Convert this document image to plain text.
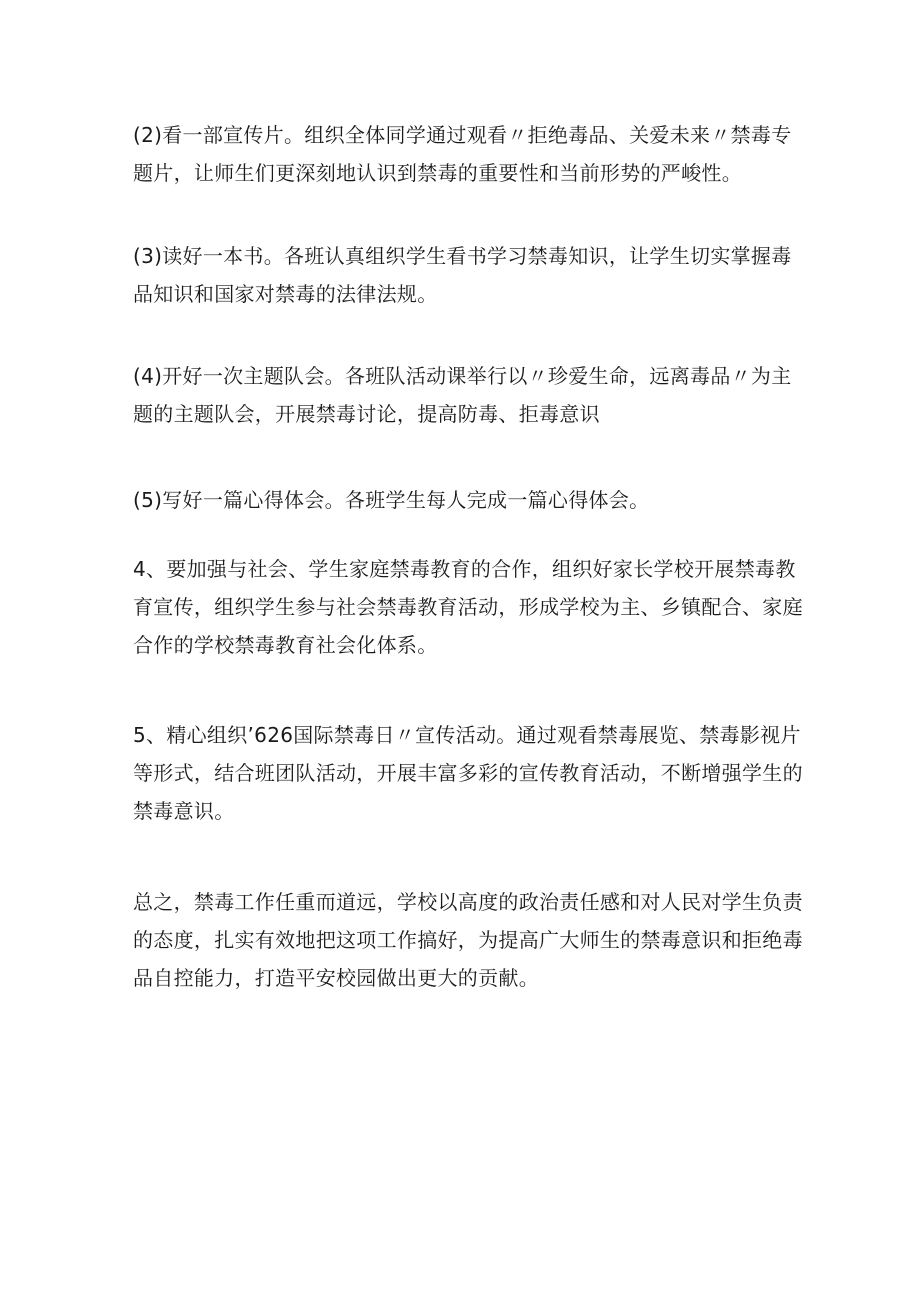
(2)看一部宣传片。组织全体同学通过观看〃拒绝毒品、关爱未来〃禁毒专
题片，让师生们更深刻地认识到禁毒的重要性和当前形势的严峻性。
(3)读好一本书。各班认真组织学生看书学习禁毒知识，让学生切实掌握毒
品知识和国家对禁毒的法律法规。
(4)开好一次主题队会。各班队活动课举行以〃珍爱生命，远离毒品〃为主
题的主题队会，开展禁毒讨论，提高防毒、拒毒意识
(5)写好一篇心得体会。各班学生每人完成一篇心得体会。
4、要加强与社会、学生家庭禁毒教育的合作，组织好家长学校开展禁毒教
育宣传，组织学生参与社会禁毒教育活动，形成学校为主、乡镇配合、家庭
合作的学校禁毒教育社会化体系。
5、精心组织’626国际禁毒日〃宣传活动。通过观看禁毒展览、禁毒影视片
等形式，结合班团队活动，开展丰富多彩的宣传教育活动，不断增强学生的
禁毒意识。
总之，禁毒工作任重而道远，学校以高度的政治责任感和对人民对学生负责
的态度，扎实有效地把这项工作搞好，为提高广大师生的禁毒意识和拒绝毒
品自控能力，打造平安校园做出更大的贡献。
